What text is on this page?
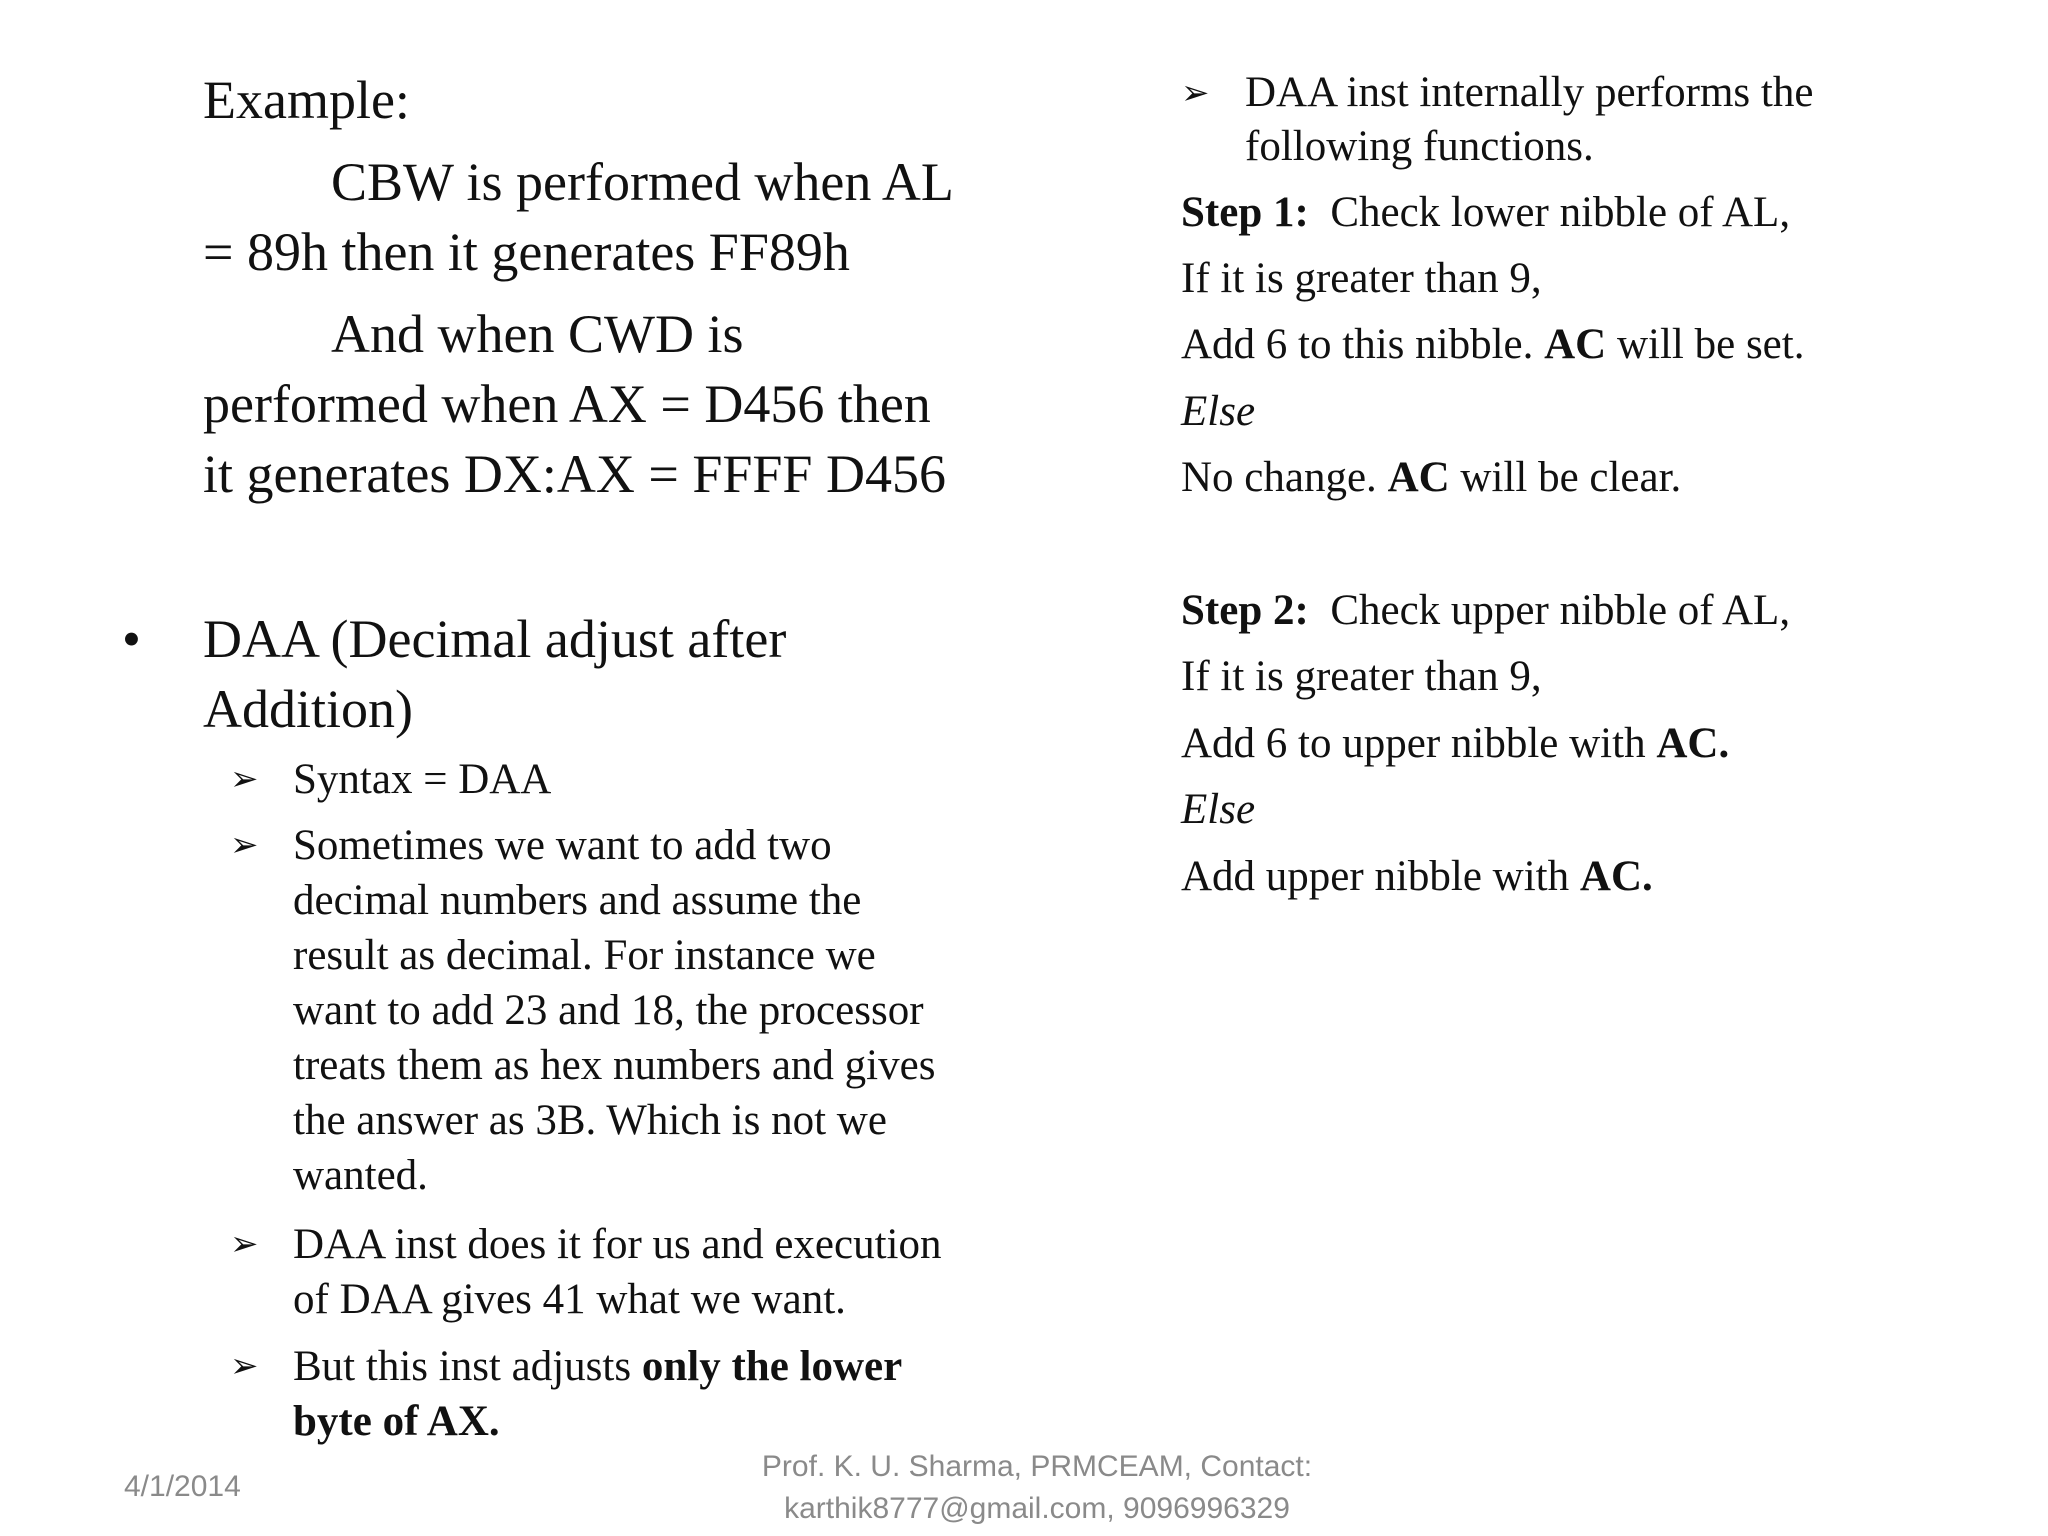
Example:
CBW is performed when AL
= 89h then it generates FF89h
And when CWD is
performed when AX = D456 then
it generates DX:AX = FFFF D456
• DAA (Decimal adjust after
Addition)
➢ Syntax = DAA
➢ Sometimes we want to add two
decimal numbers and assume the
result as decimal. For instance we
want to add 23 and 18, the processor
treats them as hex numbers and gives
the answer as 3B. Which is not we
wanted.
➢ DAA inst does it for us and execution
of DAA gives 41 what we want.
➢ But this inst adjusts only the lower
byte of AX.
➢ DAA inst internally performs the
following functions.
Step 1:  Check lower nibble of AL,
If it is greater than 9,
Add 6 to this nibble. AC will be set.
Else
No change. AC will be clear.
Step 2:  Check upper nibble of AL,
If it is greater than 9,
Add 6 to upper nibble with AC.
Else
Add upper nibble with AC.
4/1/2014
Prof. K. U. Sharma, PRMCEAM, Contact:
karthik8777@gmail.com, 9096996329
